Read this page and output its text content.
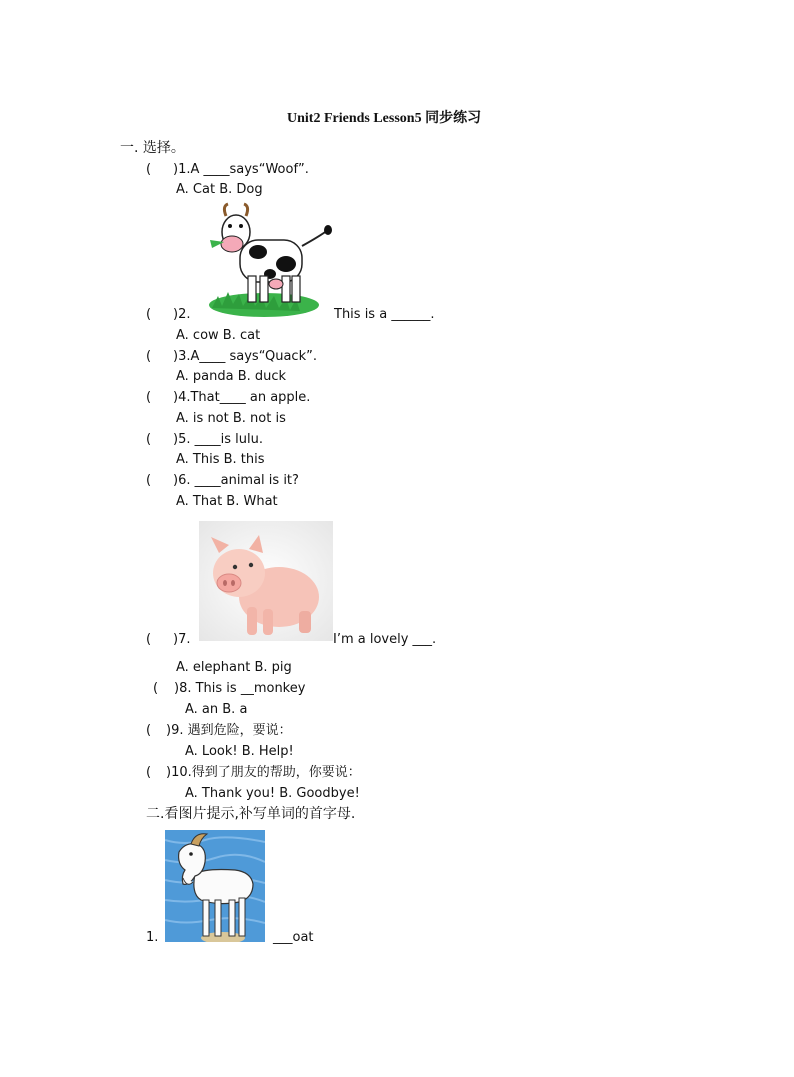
Unit2 Friends Lesson5 同步练习
一. 选择。
( )1.A ____says“Woof”.
A. Cat B. Dog
( )2.	This is a ______.
A. cow B. cat
( )3.A____ says“Quack”.
A. panda B. duck
( )4.That____ an apple.
A. is not B. not is
( )5. ____is lulu.
A. This B. this
( )6. ____animal is it?
A. That B. What
( )7.	I’m a lovely ___.
A. elephant B. pig
( )8. This is __monkey
A. an B. a
( )9. 遇到危险，要说：
A. Look! B. Help!
( )10.得到了朋友的帮助，你要说：
A. Thank you! B. Goodbye!
二.看图片提示,补写单词的首字母.
1.	___oat
